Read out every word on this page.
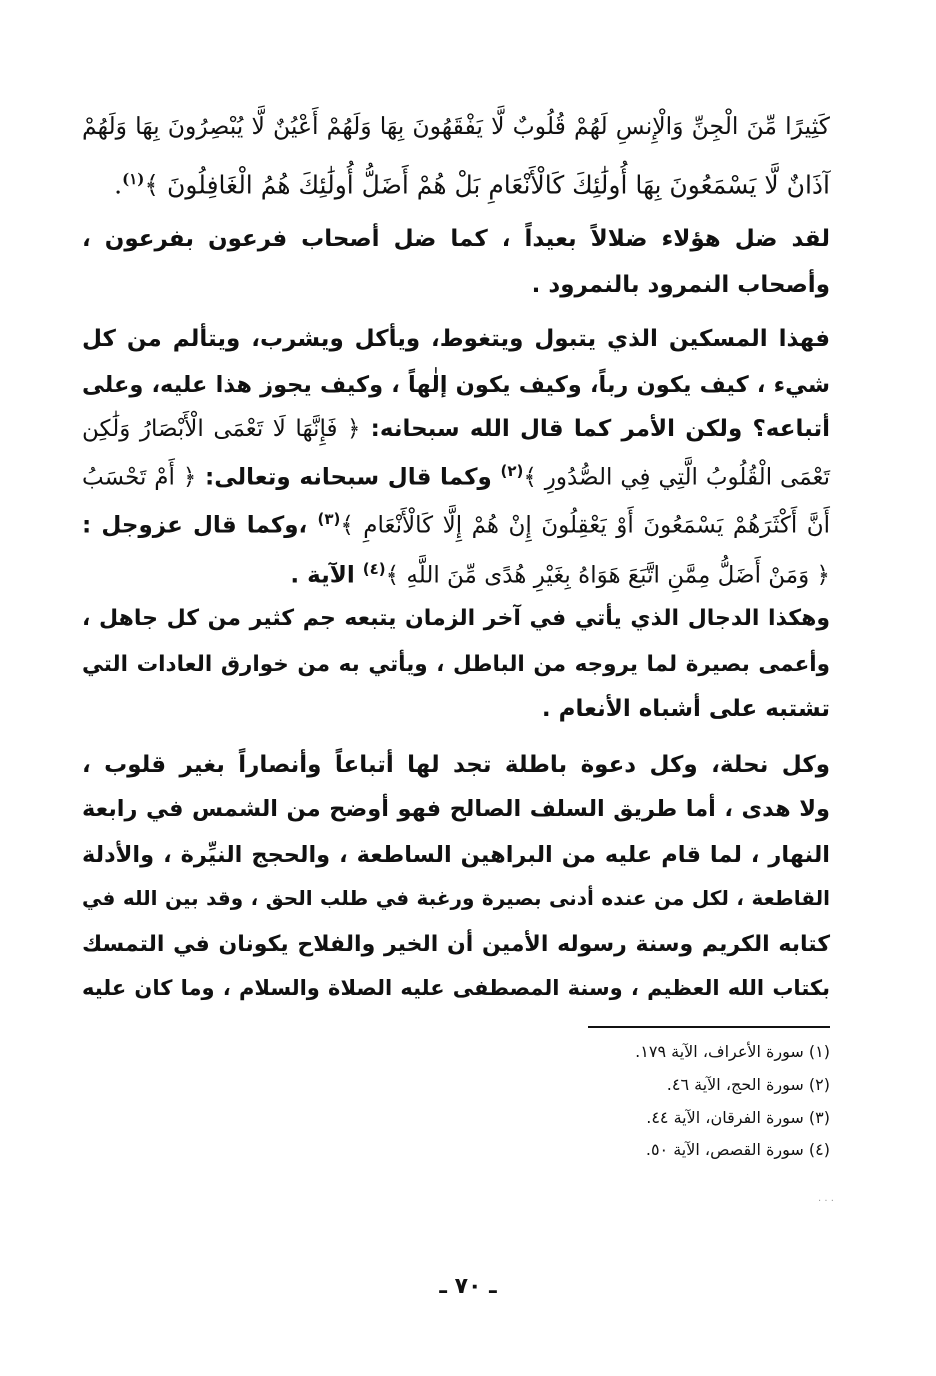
كَثِيرًا مِّنَ الْجِنِّ وَالْإِنسِ لَهُمْ قُلُوبٌ لَّا يَفْقَهُونَ بِهَا وَلَهُمْ أَعْيُنٌ لَّا يُبْصِرُونَ بِهَا وَلَهُمْ
آذَانٌ لَّا يَسْمَعُونَ بِهَا أُولَٰئِكَ كَالْأَنْعَامِ بَلْ هُمْ أَضَلُّ أُولَٰئِكَ هُمُ الْغَافِلُونَ ﴾$^{(١)}$.
لقد ضل هؤلاء ضلالاً بعيداً ، كما ضل أصحاب فرعون بفرعون ،
وأصحاب النمرود بالنمرود .
فهذا المسكين الذي يتبول ويتغوط، ويأكل ويشرب، ويتألم من كل
شيء ، كيف يكون رباً، وكيف يكون إلٰهاً ، وكيف يجوز هذا عليه، وعلى
أتباعه؟ ولكن الأمر كما قال الله سبحانه: ﴿ فَإِنَّهَا لَا تَعْمَى الْأَبْصَارُ وَلَٰكِن
تَعْمَى الْقُلُوبُ الَّتِي فِي الصُّدُورِ ﴾$^{(٢)}$ وكما قال سبحانه وتعالى: ﴿ أَمْ تَحْسَبُ
أَنَّ أَكْثَرَهُمْ يَسْمَعُونَ أَوْ يَعْقِلُونَ إِنْ هُمْ إِلَّا كَالْأَنْعَامِ ﴾$^{(٣)}$ ،وكما قال عزوجل :
﴿ وَمَنْ أَضَلُّ مِمَّنِ اتَّبَعَ هَوَاهُ بِغَيْرِ هُدًى مِّنَ اللَّهِ ﴾$^{(٤)}$ الآية .
وهكذا الدجال الذي يأتي في آخر الزمان يتبعه جم كثير من كل جاهل ،
وأعمى بصيرة لما يروجه من الباطل ، ويأتي به من خوارق العادات التي
تشتبه على أشباه الأنعام .
وكل نحلة، وكل دعوة باطلة تجد لها أتباعاً وأنصاراً بغير قلوب ،
ولا هدى ، أما طريق السلف الصالح فهو أوضح من الشمس في رابعة
النهار ، لما قام عليه من البراهين الساطعة ، والحجج النيِّرة ، والأدلة
القاطعة ، لكل من عنده أدنى بصيرة ورغبة في طلب الحق ، وقد بين الله في
كتابه الكريم وسنة رسوله الأمين أن الخير والفلاح يكونان في التمسك
بكتاب الله العظيم ، وسنة المصطفى عليه الصلاة والسلام ، وما كان عليه
(١) سورة الأعراف، الآية ١٧٩.
(٢) سورة الحج، الآية ٤٦.
(٣) سورة الفرقان، الآية ٤٤.
(٤) سورة القصص، الآية ٥٠.
· · ·
ـ ٧٠ ـ
